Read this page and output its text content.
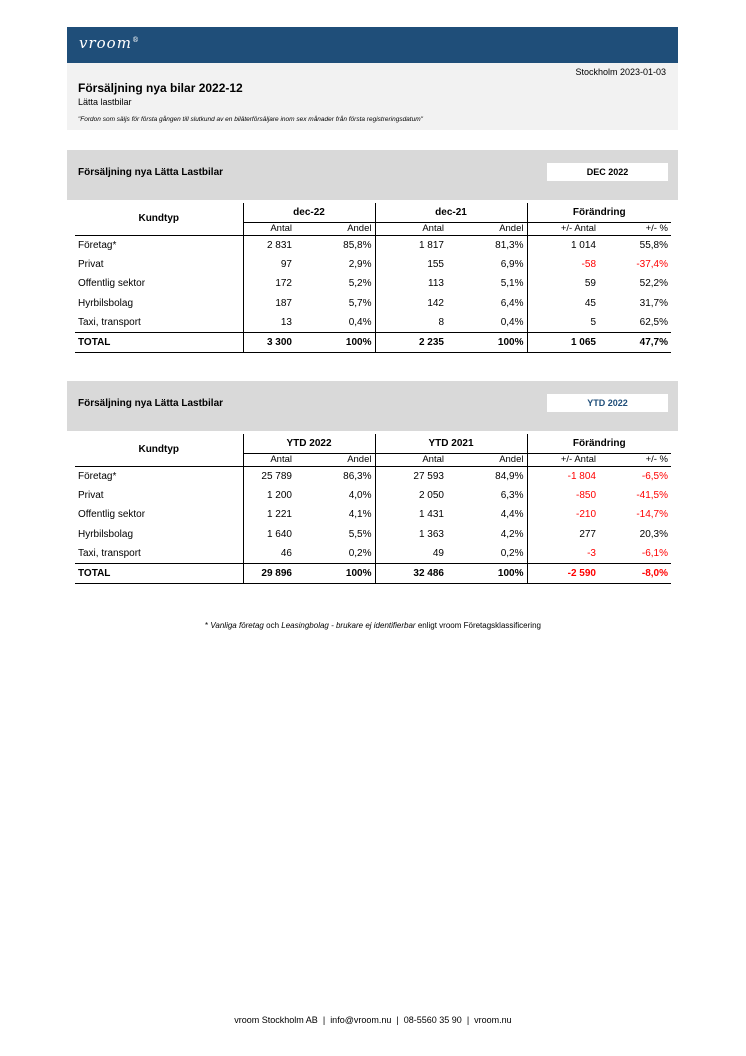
vroom®
Stockholm 2023-01-03
Försäljning nya bilar 2022-12
Lätta lastbilar
"Fordon som säljs för första gången till slutkund av en biläterförsäljare inom sex månader från första registreringsdatum"
Försäljning nya Lätta Lastbilar	DEC 2022
Kundtyp	dec-22		dec-21		Förändring	
	Antal	Andel	Antal	Andel	+/- Antal	+/- %
Företag*	2 831	85,8%	1 817	81,3%	1 014	55,8%
Privat	97	2,9%	155	6,9%	-58	-37,4%
Offentlig sektor	172	5,2%	113	5,1%	59	52,2%
Hyrbilsbolag	187	5,7%	142	6,4%	45	31,7%
Taxi, transport	13	0,4%	8	0,4%	5	62,5%
TOTAL	3 300	100%	2 235	100%	1 065	47,7%
Försäljning nya Lätta Lastbilar	YTD 2022
Kundtyp	YTD 2022		YTD 2021		Förändring	
	Antal	Andel	Antal	Andel	+/- Antal	+/- %
Företag*	25 789	86,3%	27 593	84,9%	-1 804	-6,5%
Privat	1 200	4,0%	2 050	6,3%	-850	-41,5%
Offentlig sektor	1 221	4,1%	1 431	4,4%	-210	-14,7%
Hyrbilsbolag	1 640	5,5%	1 363	4,2%	277	20,3%
Taxi, transport	46	0,2%	49	0,2%	-3	-6,1%
TOTAL	29 896	100%	32 486	100%	-2 590	-8,0%
* Vanliga företag och Leasingbolag - brukare ej identifierbar enligt vroom Företagsklassificering
vroom Stockholm AB | info@vroom.nu | 08-5560 35 90 | vroom.nu
